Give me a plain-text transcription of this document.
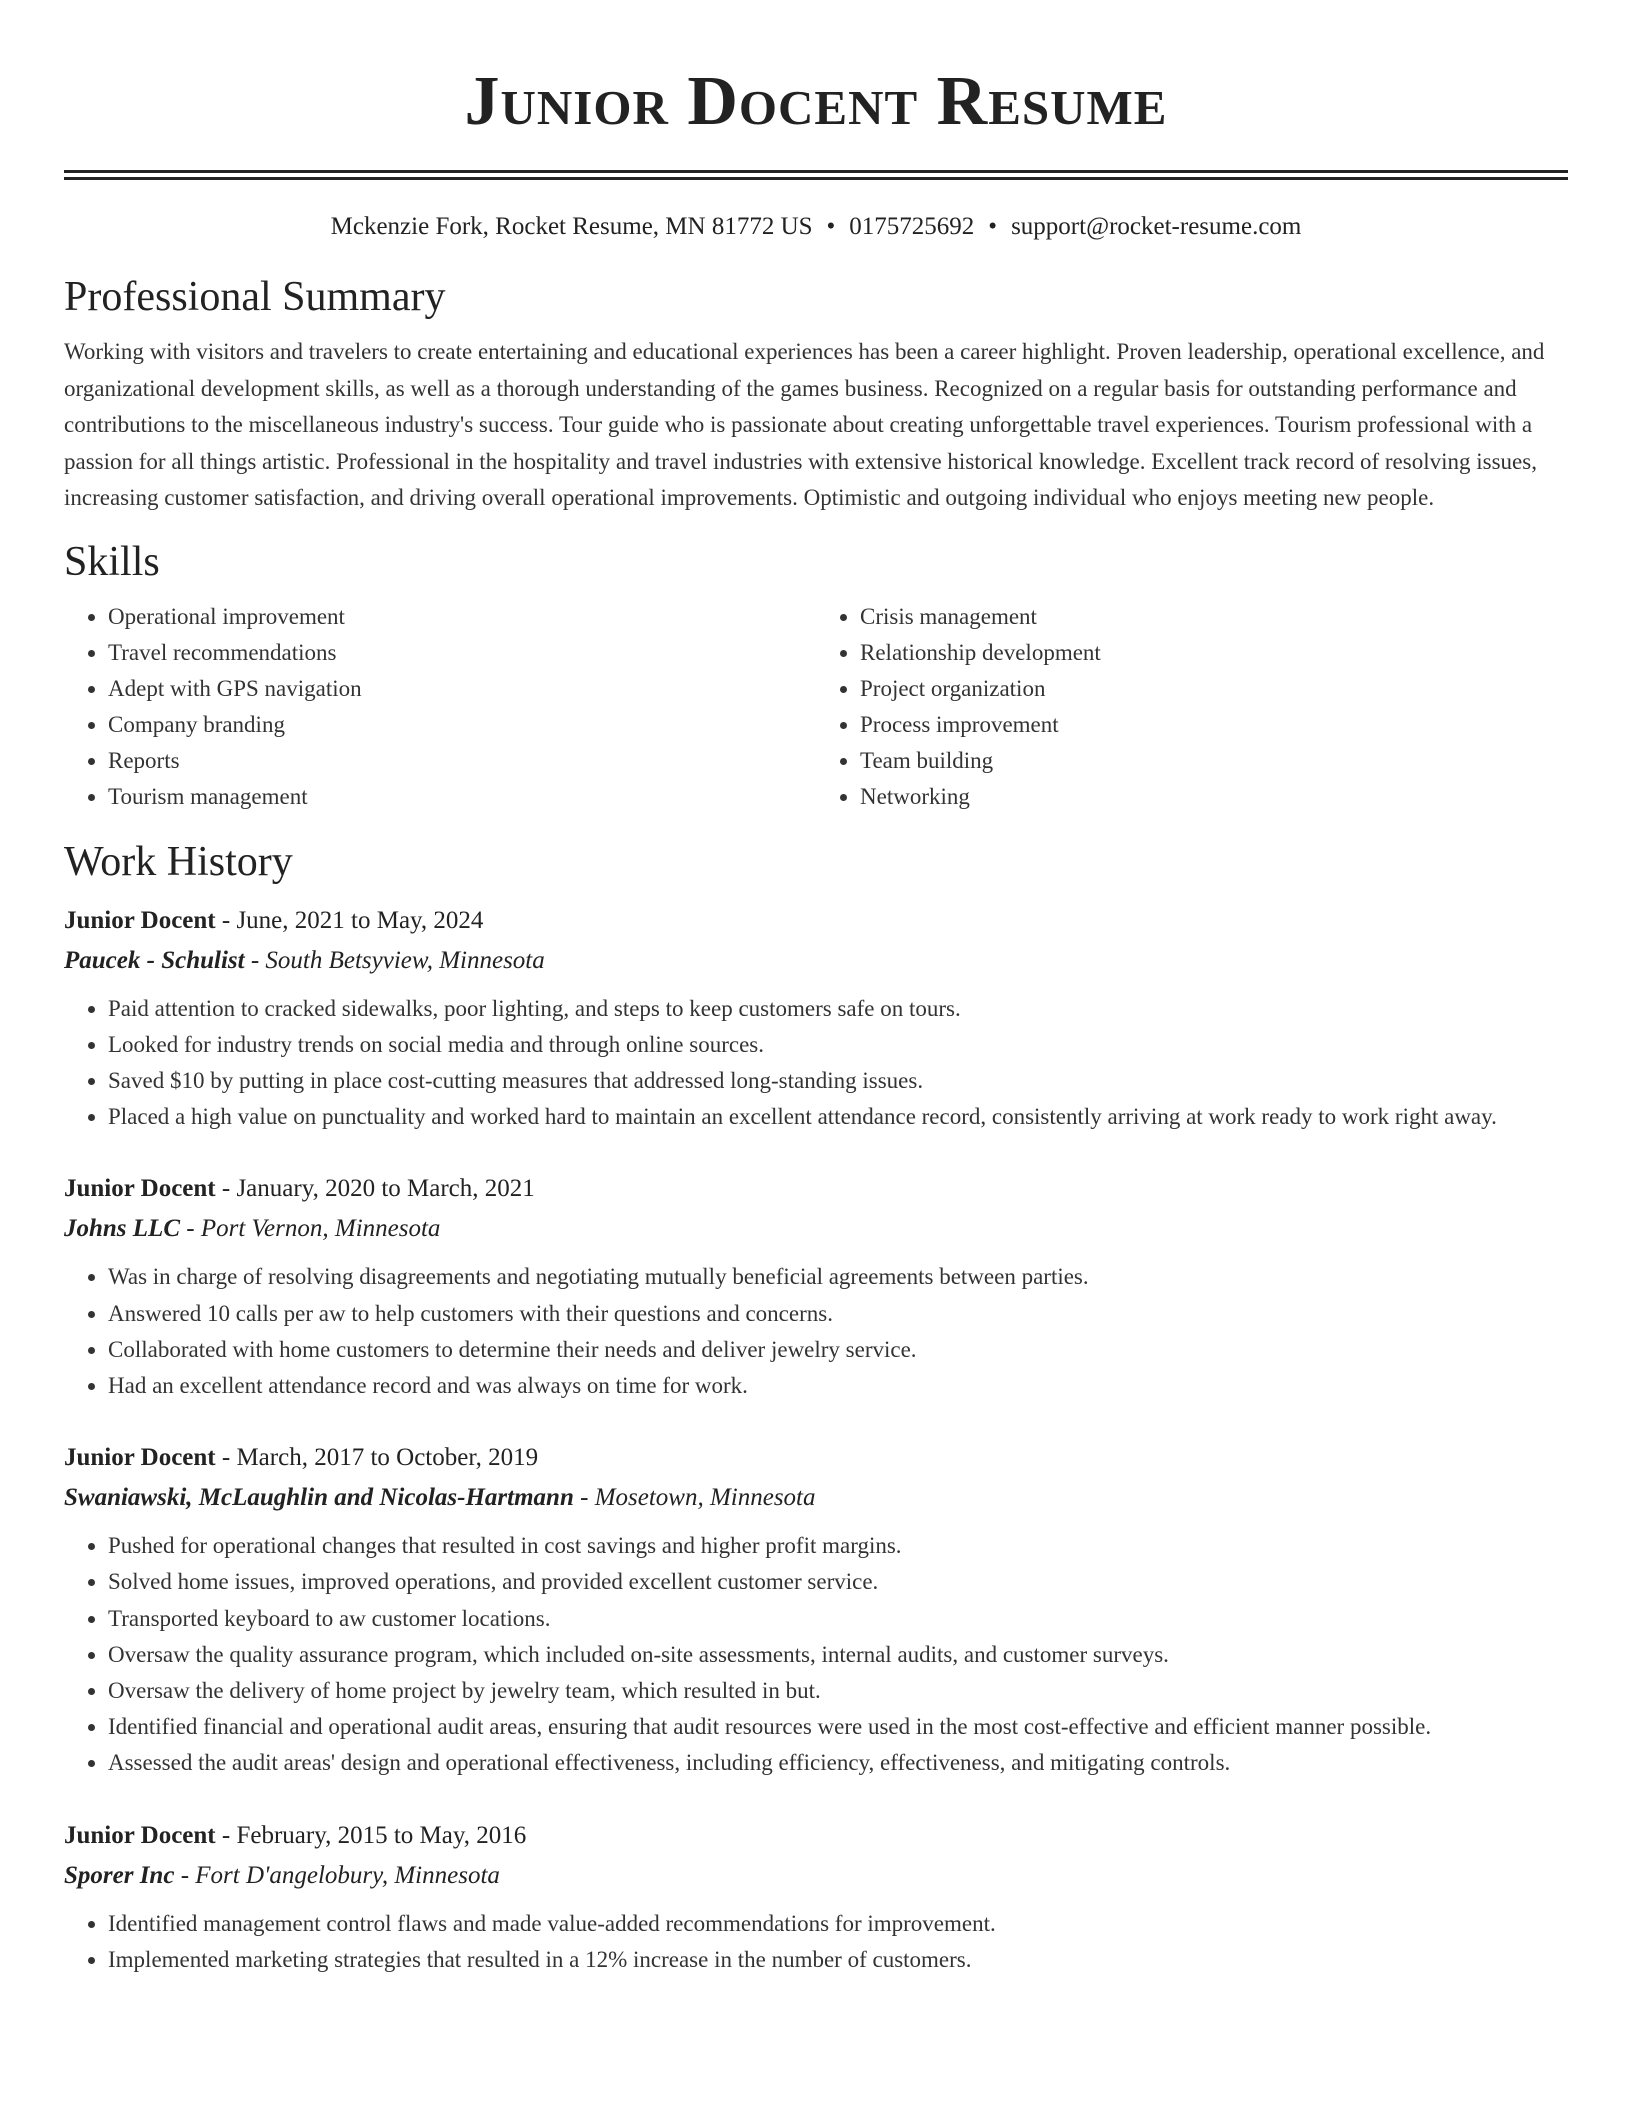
Junior Docent Resume
Mckenzie Fork, Rocket Resume, MN 81772 US • 0175725692 • support@rocket-resume.com
Professional Summary

Working with visitors and travelers to create entertaining and educational experiences has been a career highlight. Proven leadership, operational excellence, and organizational development skills, as well as a thorough understanding of the games business. Recognized on a regular basis for outstanding performance and contributions to the miscellaneous industry's success. Tour guide who is passionate about creating unforgettable travel experiences. Tourism professional with a passion for all things artistic. Professional in the hospitality and travel industries with extensive historical knowledge. Excellent track record of resolving issues, increasing customer satisfaction, and driving overall operational improvements. Optimistic and outgoing individual who enjoys meeting new people.

Skills
• Operational improvement
• Travel recommendations
• Adept with GPS navigation
• Company branding
• Reports
• Tourism management
• Crisis management
• Relationship development
• Project organization
• Process improvement
• Team building
• Networking
Work History
Junior Docent - June, 2021 to May, 2024
Paucek - Schulist - South Betsyview, Minnesota
• Paid attention to cracked sidewalks, poor lighting, and steps to keep customers safe on tours.
• Looked for industry trends on social media and through online sources.
• Saved $10 by putting in place cost-cutting measures that addressed long-standing issues.
• Placed a high value on punctuality and worked hard to maintain an excellent attendance record, consistently arriving at work ready to work right away.
Junior Docent - January, 2020 to March, 2021
Johns LLC - Port Vernon, Minnesota
• Was in charge of resolving disagreements and negotiating mutually beneficial agreements between parties.
• Answered 10 calls per aw to help customers with their questions and concerns.
• Collaborated with home customers to determine their needs and deliver jewelry service.
• Had an excellent attendance record and was always on time for work.
Junior Docent - March, 2017 to October, 2019
Swaniawski, McLaughlin and Nicolas-Hartmann - Mosetown, Minnesota
• Pushed for operational changes that resulted in cost savings and higher profit margins.
• Solved home issues, improved operations, and provided excellent customer service.
• Transported keyboard to aw customer locations.
• Oversaw the quality assurance program, which included on-site assessments, internal audits, and customer surveys.
• Oversaw the delivery of home project by jewelry team, which resulted in but.
• Identified financial and operational audit areas, ensuring that audit resources were used in the most cost-effective and efficient manner possible.
• Assessed the audit areas' design and operational effectiveness, including efficiency, effectiveness, and mitigating controls.
Junior Docent - February, 2015 to May, 2016
Sporer Inc - Fort D'angelobury, Minnesota
• Identified management control flaws and made value-added recommendations for improvement.
• Implemented marketing strategies that resulted in a 12% increase in the number of customers.
